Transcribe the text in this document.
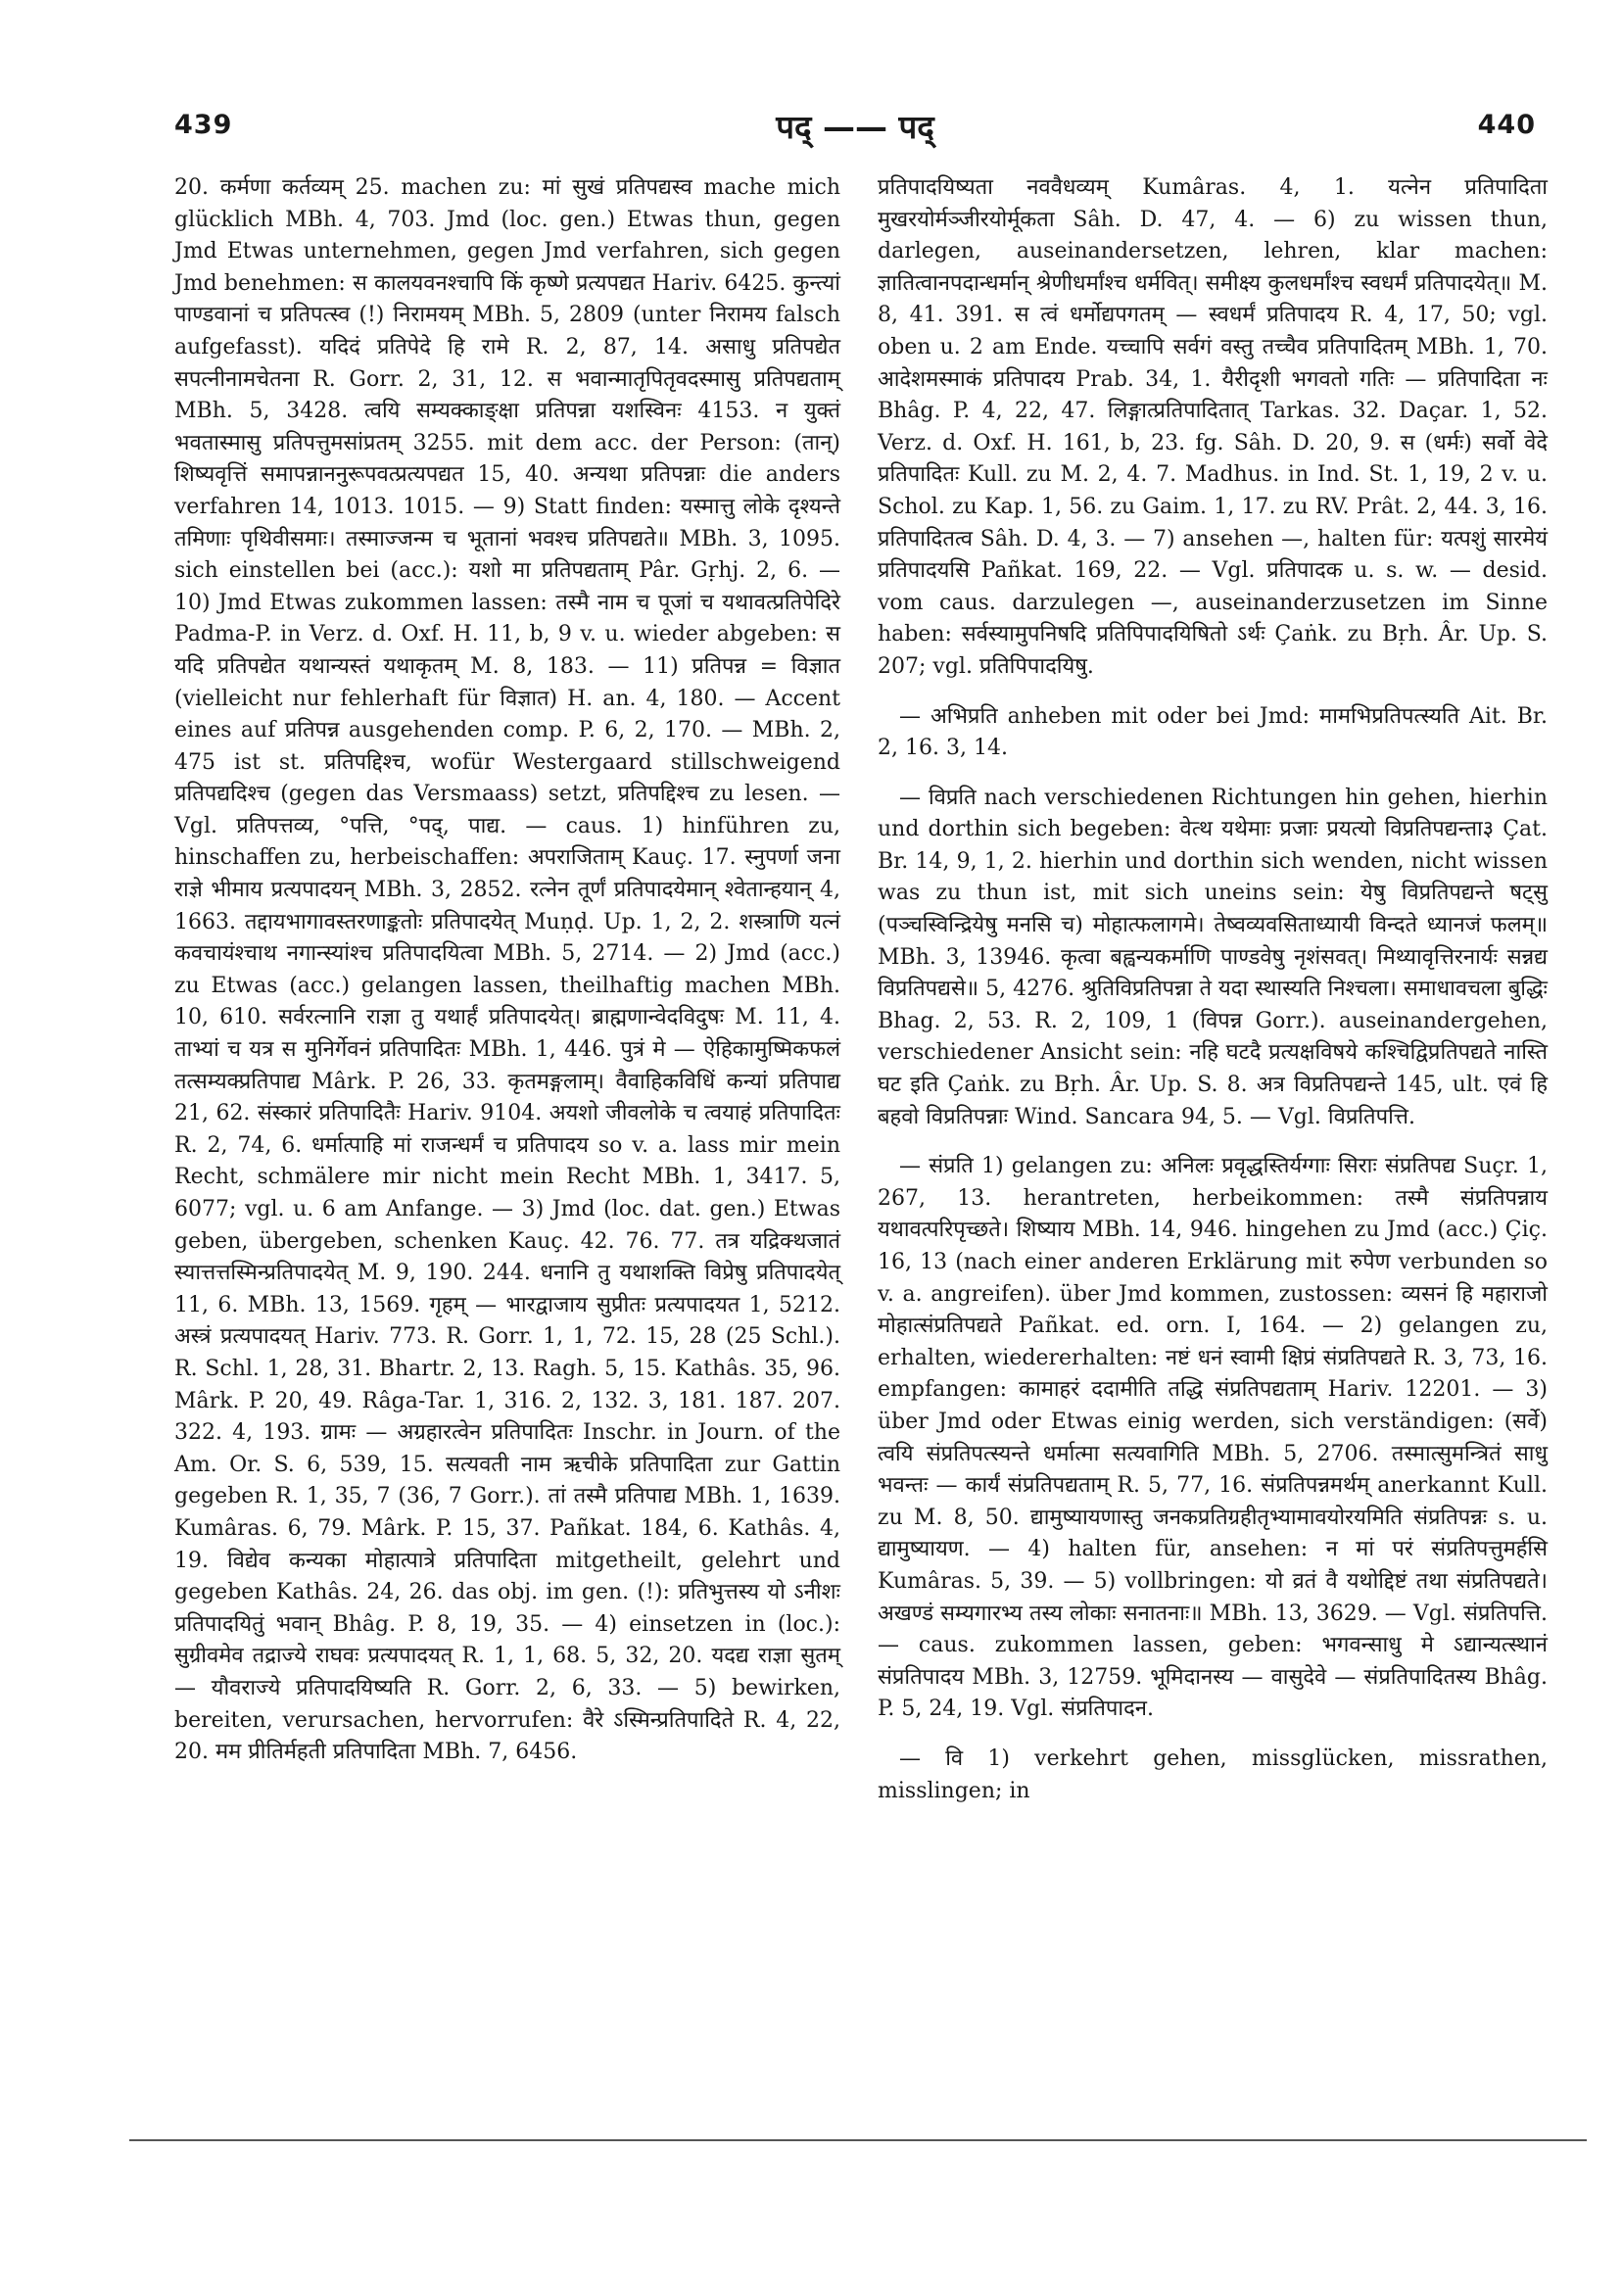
439	पद् —— पद्	440

20. कर्मणा कर्तव्यम् 25. machen zu: मां सुखं प्रतिपद्यस्व mache mich glücklich MBh. 4, 703. Jmd (loc. gen.) Etwas thun, gegen Jmd Etwas unternehmen, gegen Jmd verfahren, sich gegen Jmd benehmen: स कालयवनश्चापि किं कृष्णे प्रत्यपद्यत Hariv. 6425. कुन्त्यां पाण्डवानां च प्रतिपत्स्व (!) निरामयम् MBh. 5, 2809 (unter निरामय falsch aufgefasst). यदिदं प्रतिपेदे हि रामे R. 2, 87, 14. असाधु प्रतिपद्येत सपत्नीनामचेतना R. Gorr. 2, 31, 12. स भवान्मातृपितृवदस्मासु प्रतिपद्यताम् MBh. 5, 3428. त्वयि सम्यक्काङ्क्षा प्रतिपन्ना यशस्विनः 4153. न युक्तं भवतास्मासु प्रतिपत्तुमसांप्रतम् 3255. mit dem acc. der Person: (तान्) शिष्यवृत्तिं समापन्नाननुरूपवत्प्रत्यपद्यत 15, 40. अन्यथा प्रतिपन्नाः die anders verfahren 14, 1013. 1015. — 9) Statt finden: यस्मात्तु लोके दृश्यन्ते तमिणाः पृथिवीसमाः। तस्माज्जन्म च भूतानां भवश्च प्रतिपद्यते॥ MBh. 3, 1095. sich einstellen bei (acc.): यशो मा प्रतिपद्यताम् Pâr. Gṛhj. 2, 6. — 10) Jmd Etwas zukommen lassen: तस्मै नाम च पूजां च यथावत्प्रतिपेदिरे Padma-P. in Verz. d. Oxf. H. 11, b, 9 v. u. wieder abgeben: स यदि प्रतिपद्येत यथान्यस्तं यथाकृतम् M. 8, 183. — 11) प्रतिपन्न = विज्ञात (vielleicht nur fehlerhaft für विज्ञात) H. an. 4, 180. — Accent eines auf प्रतिपन्न ausgehenden comp. P. 6, 2, 170. — MBh. 2, 475 ist st. प्रतिपद्दिश्च, wofür Westergaard stillschweigend प्रतिपद्यदिश्च (gegen das Versmaass) setzt, प्रतिपद्दिश्च zu lesen. — Vgl. प्रतिपत्तव्य, °पत्ति, °पद्, पाद्य. — caus. 1) hinführen zu, hinschaffen zu, herbeischaffen: अपराजिताम् Kauç. 17. स्नुपर्णा जना राज्ञे भीमाय प्रत्यपादयन् MBh. 3, 2852. रत्नेन तूर्णं प्रतिपादयेमान् श्वेतान्हयान् 4, 1663. तद्दायभागावस्तरणाङ्कतोः प्रतिपादयेत् Muṇḍ. Up. 1, 2, 2. शस्त्राणि यत्नं कवचायंश्चाथ नगान्स्यांश्च प्रतिपादयित्वा MBh. 5, 2714. — 2) Jmd (acc.) zu Etwas (acc.) gelangen lassen, theilhaftig machen MBh. 10, 610. सर्वरत्नानि राज्ञा तु यथार्हं प्रतिपादयेत्। ब्राह्मणान्वेदविदुषः M. 11, 4. ताभ्यां च यत्र स मुनिर्गेवनं प्रतिपादितः MBh. 1, 446. पुत्रं मे — ऐहिकामुष्मिकफलं तत्सम्यक्प्रतिपाद्य Mârk. P. 26, 33. कृतमङ्गलाम्। वैवाहिकविधिं कन्यां प्रतिपाद्य 21, 62. संस्कारं प्रतिपादितैः Hariv. 9104. अयशो जीवलोके च त्वयाहं प्रतिपादितः R. 2, 74, 6. धर्मात्पाहि मां राजन्धर्मं च प्रतिपादय so v. a. lass mir mein Recht, schmälere mir nicht mein Recht MBh. 1, 3417. 5, 6077; vgl. u. 6 am Anfange. — 3) Jmd (loc. dat. gen.) Etwas geben, übergeben, schenken Kauç. 42. 76. 77. तत्र यद्रिक्थजातं स्यात्तत्तस्मिन्प्रतिपादयेत् M. 9, 190. 244. धनानि तु यथाशक्ति विप्रेषु प्रतिपादयेत् 11, 6. MBh. 13, 1569. गृहम् — भारद्वाजाय सुप्रीतः प्रत्यपादयत 1, 5212. अस्त्रं प्रत्यपादयत् Hariv. 773. R. Gorr. 1, 1, 72. 15, 28 (25 Schl.). R. Schl. 1, 28, 31. Bhartr. 2, 13. Ragh. 5, 15. Kathâs. 35, 96. Mârk. P. 20, 49. Râga-Tar. 1, 316. 2, 132. 3, 181. 187. 207. 322. 4, 193. ग्रामः — अग्रहारत्वेन प्रतिपादितः Inschr. in Journ. of the Am. Or. S. 6, 539, 15. सत्यवती नाम ऋचीके प्रतिपादिता zur Gattin gegeben R. 1, 35, 7 (36, 7 Gorr.). तां तस्मै प्रतिपाद्य MBh. 1, 1639. Kumâras. 6, 79. Mârk. P. 15, 37. Pañkat. 184, 6. Kathâs. 4, 19. विद्येव कन्यका मोहात्पात्रे प्रतिपादिता mitgetheilt, gelehrt und gegeben Kathâs. 24, 26. das obj. im gen. (!): प्रतिभुत्तस्य यो ऽनीशः प्रतिपादयितुं भवान् Bhâg. P. 8, 19, 35. — 4) einsetzen in (loc.): सुग्रीवमेव तद्राज्ये राघवः प्रत्यपादयत् R. 1, 1, 68. 5, 32, 20. यदद्य राज्ञा सुतम् — यौवराज्ये प्रतिपादयिष्यति R. Gorr. 2, 6, 33. — 5) bewirken, bereiten, verursachen, hervorrufen: वैरे ऽस्मिन्प्रतिपादिते R. 4, 22, 20. मम प्रीतिर्महती प्रतिपादिता MBh. 7, 6456.

प्रतिपादयिष्यता नववैधव्यम् Kumâras. 4, 1. यत्नेन प्रतिपादिता मुखरयोर्मञ्जीरयोर्मूकता Sâh. D. 47, 4. — 6) zu wissen thun, darlegen, auseinandersetzen, lehren, klar machen: ज्ञातित्वानपदान्धर्मान् श्रेणीधर्मांश्च धर्मवित्। समीक्ष्य कुलधर्मांश्च स्वधर्मं प्रतिपादयेत्॥ M. 8, 41. 391. स त्वं धर्मोद्यपगतम् — स्वधर्मं प्रतिपादय R. 4, 17, 50; vgl. oben u. 2 am Ende. यच्चापि सर्वगं वस्तु तच्चैव प्रतिपादितम् MBh. 1, 70. आदेशमस्माकं प्रतिपादय Prab. 34, 1. यैरीदृशी भगवतो गतिः — प्रतिपादिता नः Bhâg. P. 4, 22, 47. लिङ्गात्प्रतिपादितात् Tarkas. 32. Daçar. 1, 52. Verz. d. Oxf. H. 161, b, 23. fg. Sâh. D. 20, 9. स (धर्मः) सर्वो वेदे प्रतिपादितः Kull. zu M. 2, 4. 7. Madhus. in Ind. St. 1, 19, 2 v. u. Schol. zu Kap. 1, 56. zu Gaim. 1, 17. zu RV. Prât. 2, 44. 3, 16. प्रतिपादितत्व Sâh. D. 4, 3. — 7) ansehen —, halten für: यत्पशुं सारमेयं प्रतिपादयसि Pañkat. 169, 22. — Vgl. प्रतिपादक u. s. w. — desid. vom caus. darzulegen —, auseinanderzusetzen im Sinne haben: सर्वस्यामुपनिषदि प्रतिपिपादयिषितो ऽर्थः Çaṅk. zu Bṛh. Âr. Up. S. 207; vgl. प्रतिपिपादयिषु.

— अभिप्रति anheben mit oder bei Jmd: मामभिप्रतिपत्स्यति Ait. Br. 2, 16. 3, 14.

— विप्रति nach verschiedenen Richtungen hin gehen, hierhin und dorthin sich begeben: वेत्थ यथेमाः प्रजाः प्रयत्यो विप्रतिपद्यन्ता३ Çat. Br. 14, 9, 1, 2. hierhin und dorthin sich wenden, nicht wissen was zu thun ist, mit sich uneins sein: येषु विप्रतिपद्यन्ते षट्सु (पञ्चस्विन्द्रियेषु मनसि च) मोहात्फलागमे। तेष्वव्यवसिताध्यायी विन्दते ध्यानजं फलम्॥ MBh. 3, 13946. कृत्वा बह्वन्यकर्माणि पाण्डवेषु नृशंसवत्। मिथ्यावृत्तिरनार्यः सन्नद्य विप्रतिपद्यसे॥ 5, 4276. श्रुतिविप्रतिपन्ना ते यदा स्थास्यति निश्चला। समाधावचला बुद्धिः Bhag. 2, 53. R. 2, 109, 1 (विपन्न Gorr.). auseinandergehen, verschiedener Ansicht sein: नहि घटदै प्रत्यक्षविषये कश्चिद्विप्रतिपद्यते नास्ति घट इति Çaṅk. zu Bṛh. Âr. Up. S. 8. अत्र विप्रतिपद्यन्ते 145, ult. एवं हि बहवो विप्रतिपन्नाः Wind. Sancara 94, 5. — Vgl. विप्रतिपत्ति.

— संप्रति 1) gelangen zu: अनिलः प्रवृद्धस्तिर्यग्गाः सिराः संप्रतिपद्य Suçr. 1, 267, 13. herantreten, herbeikommen: तस्मै संप्रतिपन्नाय यथावत्परिपृच्छते। शिष्याय MBh. 14, 946. hingehen zu Jmd (acc.) Çiç. 16, 13 (nach einer anderen Erklärung mit रुपेण verbunden so v. a. angreifen). über Jmd kommen, zustossen: व्यसनं हि महाराजो मोहात्संप्रतिपद्यते Pañkat. ed. orn. I, 164. — 2) gelangen zu, erhalten, wiedererhalten: नष्टं धनं स्वामी क्षिप्रं संप्रतिपद्यते R. 3, 73, 16. empfangen: कामाहरं ददामीति तद्धि संप्रतिपद्यताम् Hariv. 12201. — 3) über Jmd oder Etwas einig werden, sich verständigen: (सर्वे) त्वयि संप्रतिपत्स्यन्ते धर्मात्मा सत्यवागिति MBh. 5, 2706. तस्मात्सुमन्त्रितं साधु भवन्तः — कार्यं संप्रतिपद्यताम् R. 5, 77, 16. संप्रतिपन्नमर्थम् anerkannt Kull. zu M. 8, 50. द्यामुष्यायणास्तु जनकप्रतिग्रहीतृभ्यामावयोरयमिति संप्रतिपन्नः s. u. द्यामुष्यायण. — 4) halten für, ansehen: न मां परं संप्रतिपत्तुमर्हसि Kumâras. 5, 39. — 5) vollbringen: यो व्रतं वै यथोद्दिष्टं तथा संप्रतिपद्यते। अखण्डं सम्यगारभ्य तस्य लोकाः सनातनाः॥ MBh. 13, 3629. — Vgl. संप्रतिपत्ति. — caus. zukommen lassen, geben: भगवन्साधु मे ऽद्यान्यत्स्थानं संप्रतिपादय MBh. 3, 12759. भूमिदानस्य — वासुदेवे — संप्रतिपादितस्य Bhâg. P. 5, 24, 19. Vgl. संप्रतिपादन.

— वि 1) verkehrt gehen, missglücken, missrathen, misslingen; in
